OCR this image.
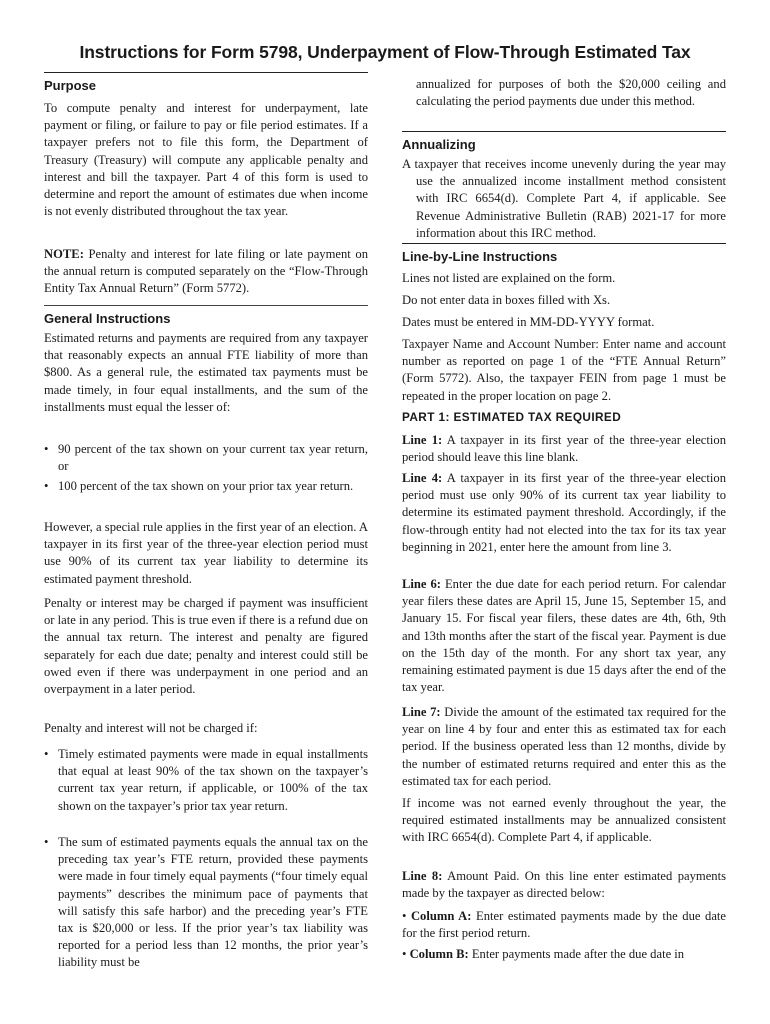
Instructions for Form 5798, Underpayment of Flow-Through Estimated Tax
Purpose

To compute penalty and interest for underpayment, late payment or filing, or failure to pay or file period estimates. If a taxpayer prefers not to file this form, the Department of Treasury (Treasury) will compute any applicable penalty and interest and bill the taxpayer. Part 4 of this form is used to determine and report the amount of estimates due when income is not evenly distributed throughout the tax year.

NOTE: Penalty and interest for late filing or late payment on the annual return is computed separately on the “Flow-Through Entity Tax Annual Return” (Form 5772).

General Instructions

Estimated returns and payments are required from any taxpayer that reasonably expects an annual FTE liability of more than $800. As a general rule, the estimated tax payments must be made timely, in four equal installments, and the sum of the installments must equal the lesser of:

• 90 percent of the tax shown on your current tax year return, or

• 100 percent of the tax shown on your prior tax year return.

However, a special rule applies in the first year of an election. A taxpayer in its first year of the three-year election period must use 90% of its current tax year liability to determine its estimated payment threshold.

Penalty or interest may be charged if payment was insufficient or late in any period. This is true even if there is a refund due on the annual tax return. The interest and penalty are figured separately for each due date; penalty and interest could still be owed even if there was underpayment in one period and an overpayment in a later period.

Penalty and interest will not be charged if:

• Timely estimated payments were made in equal installments that equal at least 90% of the tax shown on the taxpayer’s current tax year return, if applicable, or 100% of the tax shown on the taxpayer’s prior tax year return.

• The sum of estimated payments equals the annual tax on the preceding tax year’s FTE return, provided these payments were made in four timely equal payments (“four timely equal payments” describes the minimum pace of payments that will satisfy this safe harbor) and the preceding year’s FTE tax is $20,000 or less. If the prior year’s tax liability was reported for a period less than 12 months, the prior year’s liability must be

annualized for purposes of both the $20,000 ceiling and calculating the period payments due under this method.

Annualizing

A taxpayer that receives income unevenly during the year may use the annualized income installment method consistent with IRC 6654(d). Complete Part 4, if applicable. See Revenue Administrative Bulletin (RAB) 2021-17 for more information about this IRC method.

Line-by-Line Instructions

Lines not listed are explained on the form.

Do not enter data in boxes filled with Xs.

Dates must be entered in MM-DD-YYYY format.

Taxpayer Name and Account Number: Enter name and account number as reported on page 1 of the “FTE Annual Return” (Form 5772). Also, the taxpayer FEIN from page 1 must be repeated in the proper location on page 2.

PART 1: ESTIMATED TAX REQUIRED

Line 1: A taxpayer in its first year of the three-year election period should leave this line blank.

Line 4: A taxpayer in its first year of the three-year election period must use only 90% of its current tax year liability to determine its estimated payment threshold. Accordingly, if the flow-through entity had not elected into the tax for its tax year beginning in 2021, enter here the amount from line 3.

Line 6: Enter the due date for each period return. For calendar year filers these dates are April 15, June 15, September 15, and January 15. For fiscal year filers, these dates are 4th, 6th, 9th and 13th months after the start of the fiscal year. Payment is due on the 15th day of the month. For any short tax year, any remaining estimated payment is due 15 days after the end of the tax year.

Line 7: Divide the amount of the estimated tax required for the year on line 4 by four and enter this as estimated tax for each period. If the business operated less than 12 months, divide by the number of estimated returns required and enter this as the estimated tax for each period.

If income was not earned evenly throughout the year, the required estimated installments may be annualized consistent with IRC 6654(d). Complete Part 4, if applicable.

Line 8: Amount Paid. On this line enter estimated payments made by the taxpayer as directed below:

• Column A: Enter estimated payments made by the due date for the first period return.

• Column B: Enter payments made after the due date in
